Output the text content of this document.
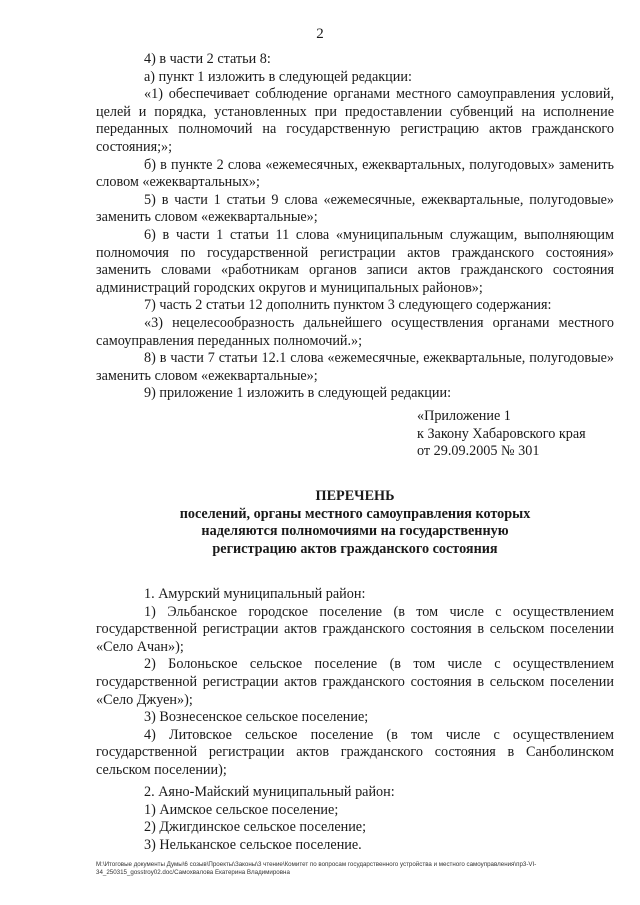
2

4) в части 2 статьи 8:

а) пункт 1 изложить в следующей редакции:

«1) обеспечивает соблюдение органами местного самоуправления условий, целей и порядка, установленных при предоставлении субвенций на исполнение переданных полномочий на государственную регистрацию актов гражданского состояния;»;

б) в пункте 2 слова «ежемесячных, ежеквартальных, полугодовых» заменить словом «ежеквартальных»;

5) в части 1 статьи 9 слова «ежемесячные, ежеквартальные, полугодовые» заменить словом «ежеквартальные»;

6) в части 1 статьи 11 слова «муниципальным служащим, выполняющим полномочия по государственной регистрации актов гражданского состояния» заменить словами «работникам органов записи актов гражданского состояния администраций городских округов и муниципальных районов»;

7) часть 2 статьи 12 дополнить пунктом 3 следующего содержания:

«3) нецелесообразность дальнейшего осуществления органами местного самоуправления переданных полномочий.»;

8) в части 7 статьи 12.1 слова «ежемесячные, ежеквартальные, полугодовые» заменить словом «ежеквартальные»;

9) приложение 1 изложить в следующей редакции:

«Приложение 1
к Закону Хабаровского края
от 29.09.2005 № 301
ПЕРЕЧЕНЬ
поселений, органы местного самоуправления которых
наделяются полномочиями на государственную
регистрацию актов гражданского состояния

1. Амурский муниципальный район:

1) Эльбанское городское поселение (в том числе с осуществлением государственной регистрации актов гражданского состояния в сельском поселении «Село Ачан»);

2) Болоньское сельское поселение (в том числе с осуществлением государственной регистрации актов гражданского состояния в сельском поселении «Село Джуен»);

3) Вознесенское сельское поселение;

4) Литовское сельское поселение (в том числе с осуществлением государственной регистрации актов гражданского состояния в Санболинском сельском поселении);

2. Аяно-Майский муниципальный район:

1) Аимское сельское поселение;

2) Джигдинское сельское поселение;

3) Нельканское сельское поселение.

М:\Итоговые документы Думы\6 созыв\Проекты\Законы\3 чтение\Комитет по вопросам государственного устройства и местного самоуправления\пр3-VI-
34_250315_gosstroy02.doc/Самохвалова Екатерина Владимировна
